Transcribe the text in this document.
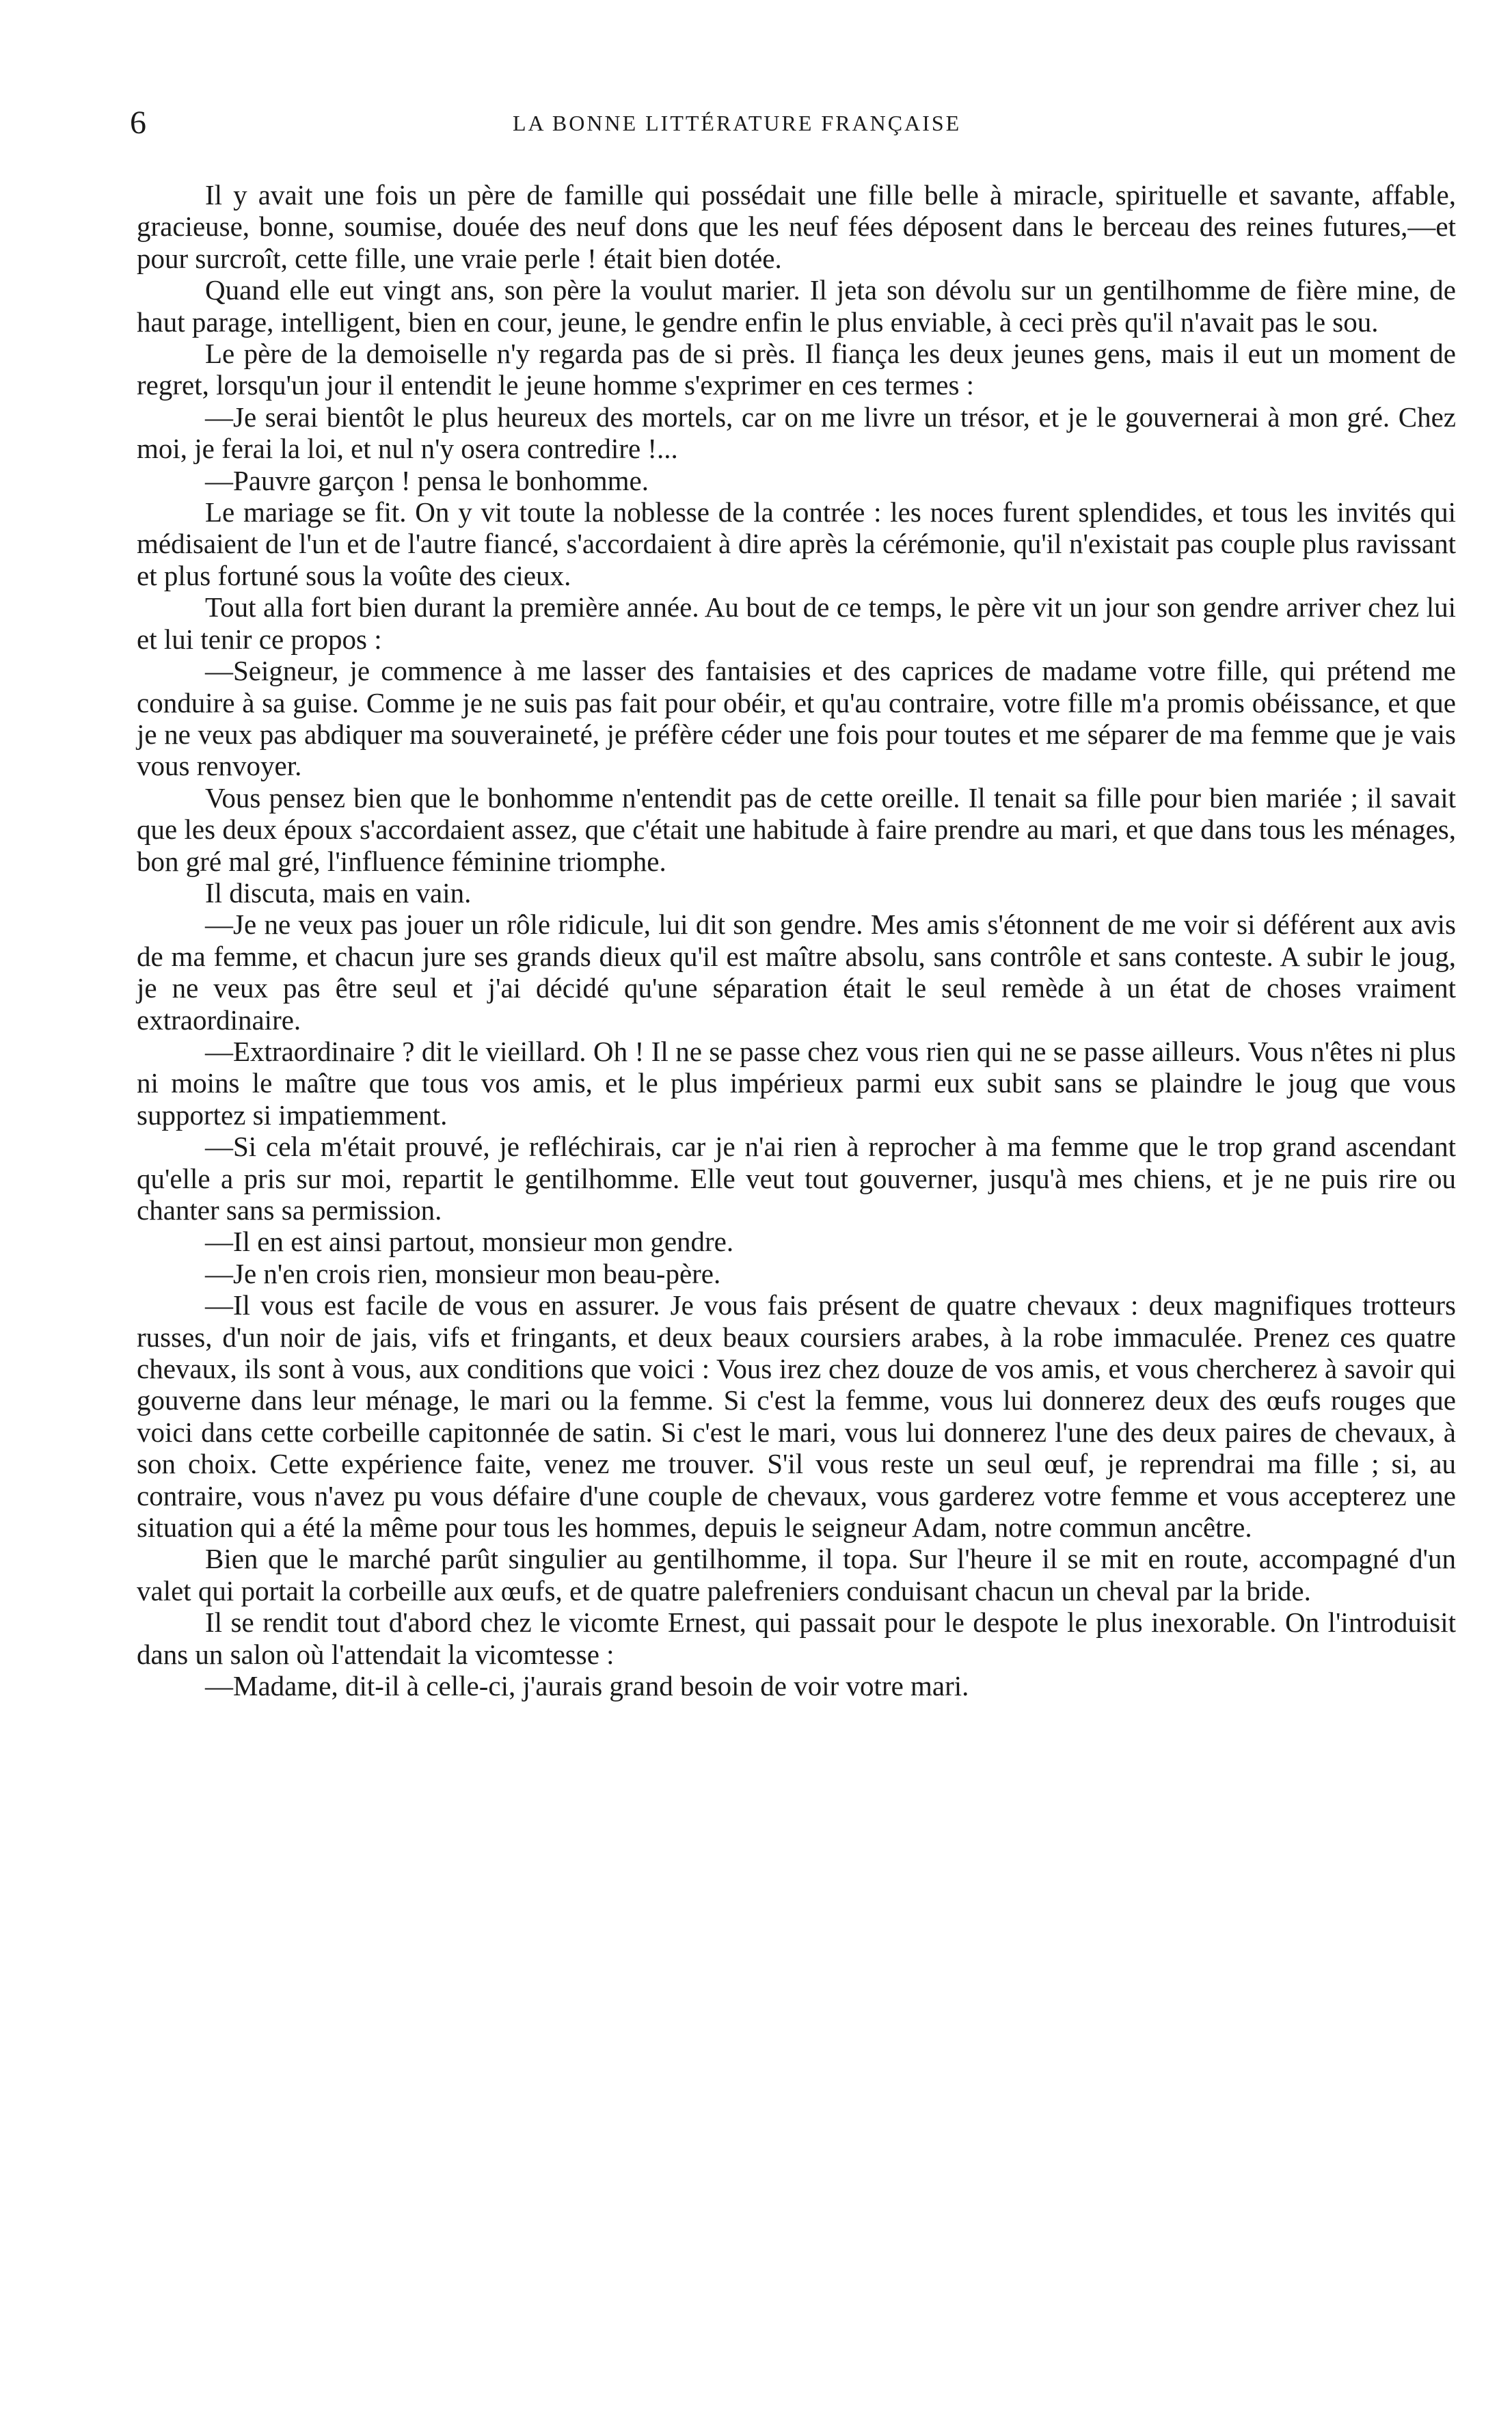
6	LA BONNE LITTÉRATURE FRANÇAISE

Il y avait une fois un père de famille qui possédait une fille belle à miracle, spirituelle et savante, affable, gracieuse, bonne, soumise, douée des neuf dons que les neuf fées déposent dans le berceau des reines futures,—et pour surcroît, cette fille, une vraie perle ! était bien dotée.

Quand elle eut vingt ans, son père la voulut marier. Il jeta son dévolu sur un gentilhomme de fière mine, de haut parage, intelligent, bien en cour, jeune, le gendre enfin le plus enviable, à ceci près qu'il n'avait pas le sou.

Le père de la demoiselle n'y regarda pas de si près. Il fiança les deux jeunes gens, mais il eut un moment de regret, lorsqu'un jour il entendit le jeune homme s'exprimer en ces termes :

—Je serai bientôt le plus heureux des mortels, car on me livre un trésor, et je le gouvernerai à mon gré. Chez moi, je ferai la loi, et nul n'y osera contredire !...

—Pauvre garçon ! pensa le bonhomme.

Le mariage se fit. On y vit toute la noblesse de la contrée : les noces furent splendides, et tous les invités qui médisaient de l'un et de l'autre fiancé, s'accordaient à dire après la cérémonie, qu'il n'existait pas couple plus ravissant et plus fortuné sous la voûte des cieux.

Tout alla fort bien durant la première année. Au bout de ce temps, le père vit un jour son gendre arriver chez lui et lui tenir ce propos :

—Seigneur, je commence à me lasser des fantaisies et des caprices de madame votre fille, qui prétend me conduire à sa guise. Comme je ne suis pas fait pour obéir, et qu'au contraire, votre fille m'a promis obéissance, et que je ne veux pas abdiquer ma souveraineté, je préfère céder une fois pour toutes et me séparer de ma femme que je vais vous renvoyer.

Vous pensez bien que le bonhomme n'entendit pas de cette oreille. Il tenait sa fille pour bien mariée ; il savait que les deux époux s'accordaient assez, que c'était une habitude à faire prendre au mari, et que dans tous les ménages, bon gré mal gré, l'influence féminine triomphe.

Il discuta, mais en vain.

—Je ne veux pas jouer un rôle ridicule, lui dit son gendre. Mes amis s'étonnent de me voir si déférent aux avis de ma femme, et chacun jure ses grands dieux qu'il est maître absolu, sans contrôle et sans conteste. A subir le joug, je ne veux pas être seul et j'ai décidé qu'une séparation était le seul remède à un état de choses vraiment extraordinaire.

—Extraordinaire ? dit le vieillard. Oh ! Il ne se passe chez vous rien qui ne se passe ailleurs. Vous n'êtes ni plus ni moins le maître que tous vos amis, et le plus impérieux parmi eux subit sans se plaindre le joug que vous supportez si impatiemment.

—Si cela m'était prouvé, je refléchirais, car je n'ai rien à reprocher à ma femme que le trop grand ascendant qu'elle a pris sur moi, repartit le gentilhomme. Elle veut tout gouverner, jusqu'à mes chiens, et je ne puis rire ou chanter sans sa permission.

—Il en est ainsi partout, monsieur mon gendre.

—Je n'en crois rien, monsieur mon beau-père.

—Il vous est facile de vous en assurer. Je vous fais présent de quatre chevaux : deux magnifiques trotteurs russes, d'un noir de jais, vifs et fringants, et deux beaux coursiers arabes, à la robe immaculée. Prenez ces quatre chevaux, ils sont à vous, aux conditions que voici : Vous irez chez douze de vos amis, et vous chercherez à savoir qui gouverne dans leur ménage, le mari ou la femme. Si c'est la femme, vous lui donnerez deux des œufs rouges que voici dans cette corbeille capitonnée de satin. Si c'est le mari, vous lui donnerez l'une des deux paires de chevaux, à son choix. Cette expérience faite, venez me trouver. S'il vous reste un seul œuf, je reprendrai ma fille ; si, au contraire, vous n'avez pu vous défaire d'une couple de chevaux, vous garderez votre femme et vous accepterez une situation qui a été la même pour tous les hommes, depuis le seigneur Adam, notre commun ancêtre.

Bien que le marché parût singulier au gentilhomme, il topa. Sur l'heure il se mit en route, accompagné d'un valet qui portait la corbeille aux œufs, et de quatre palefreniers conduisant chacun un cheval par la bride.

Il se rendit tout d'abord chez le vicomte Ernest, qui passait pour le despote le plus inexorable. On l'introduisit dans un salon où l'attendait la vicomtesse :

—Madame, dit-il à celle-ci, j'aurais grand besoin de voir votre mari.
